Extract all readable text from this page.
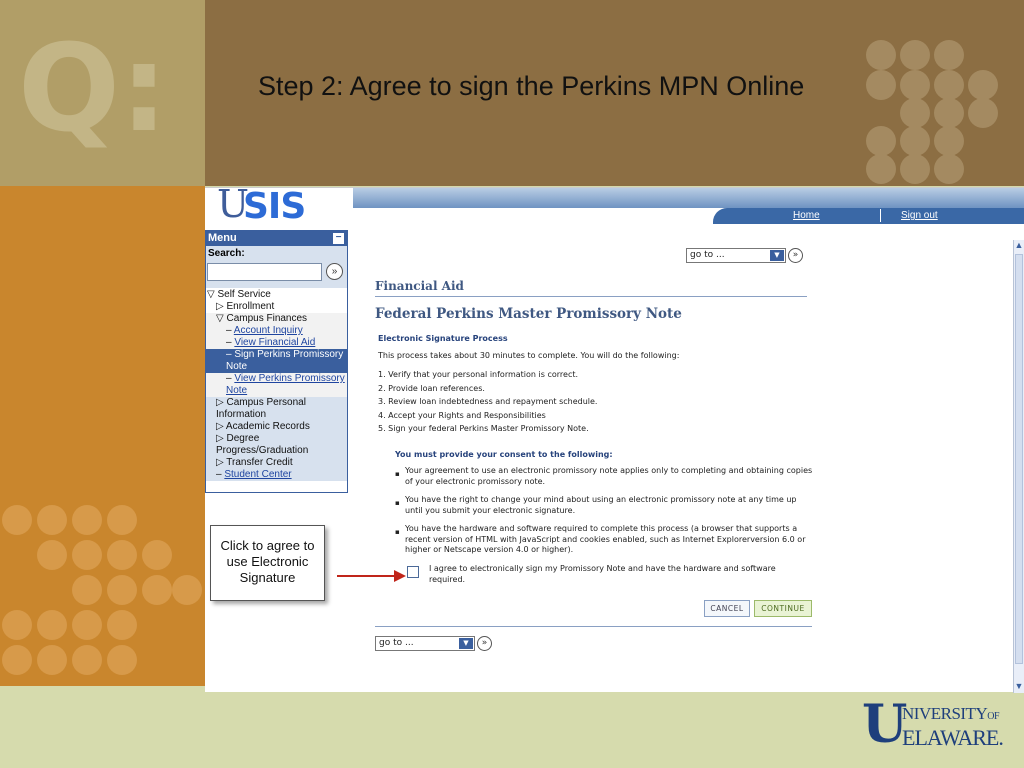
Q:	Step 2: Agree to sign the Perkins MPN Online
U
SIS	Home	Sign out
Menu	−
Search:
»
▽ Self Service
▷ Enrollment
▽ Campus Finances
– Account Inquiry
– View Financial Aid
– Sign Perkins Promissory Note
– View Perkins Promissory Note
▷ Campus Personal Information
▷ Academic Records
▷ Degree Progress/Graduation
▷ Transfer Credit
– Student Center
go to ...	▼	»
Financial Aid
Federal Perkins Master Promissory Note
Electronic Signature Process
This process takes about 30 minutes to complete. You will do the following:
1. Verify that your personal information is correct.
2. Provide loan references.
3. Review loan indebtedness and repayment schedule.
4. Accept your Rights and Responsibilities
5. Sign your federal Perkins Master Promissory Note.
You must provide your consent to the following:
▪ Your agreement to use an electronic promissory note applies only to completing and obtaining copies of your electronic promissory note.
▪ You have the right to change your mind about using an electronic promissory note at any time up until you submit your electronic signature.
▪ You have the hardware and software required to complete this process (a browser that supports a recent version of HTML with JavaScript and cookies enabled, such as Internet Explorerversion 6.0 or higher or Netscape version 4.0 or higher).
I agree to electronically sign my Promissory Note and have the hardware and software required.
CANCEL	CONTINUE
go to ...	▼	»
▲
▼
Click to agree to use Electronic Signature
U
NIVERSITYOF
ELAWARE.
